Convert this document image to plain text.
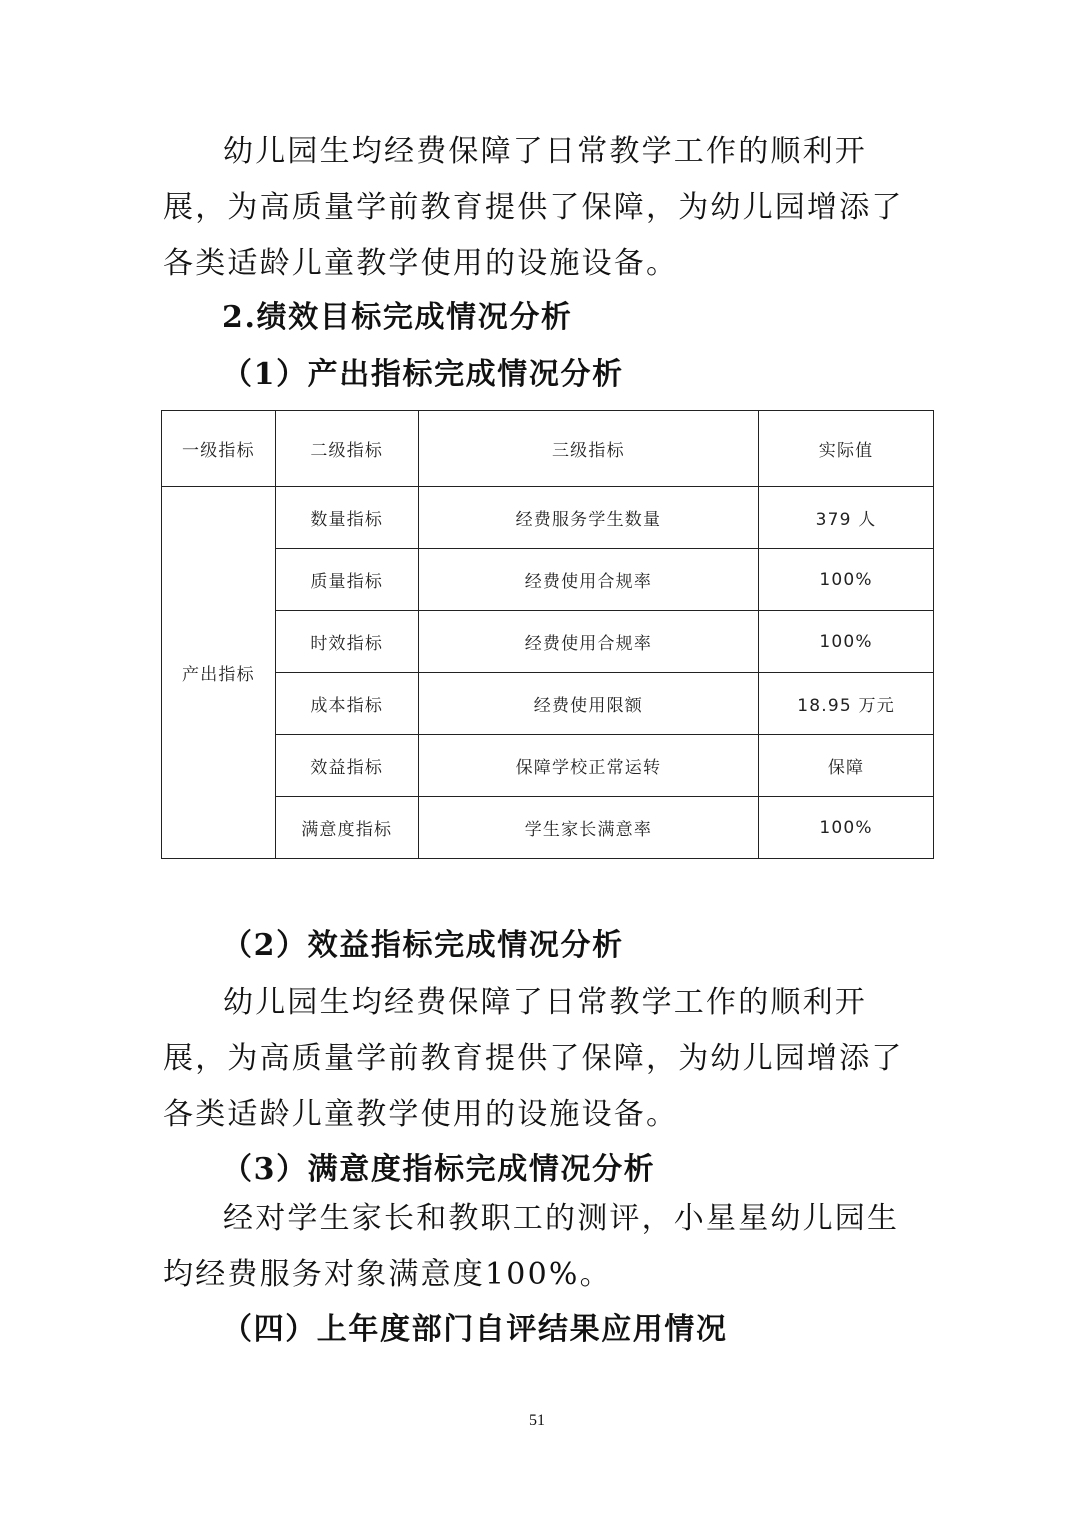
幼儿园生均经费保障了日常教学工作的顺利开展，为高质量学前教育提供了保障，为幼儿园增添了各类适龄儿童教学使用的设施设备。

2.绩效目标完成情况分析
（1）产出指标完成情况分析
一级指标	二级指标	三级指标	实际值
产出指标	数量指标	经费服务学生数量	379 人
	质量指标	经费使用合规率	100%
	时效指标	经费使用合规率	100%
	成本指标	经费使用限额	18.95 万元
	效益指标	保障学校正常运转	保障
	满意度指标	学生家长满意率	100%
（2）效益指标完成情况分析

幼儿园生均经费保障了日常教学工作的顺利开展，为高质量学前教育提供了保障，为幼儿园增添了各类适龄儿童教学使用的设施设备。

（3）满意度指标完成情况分析

经对学生家长和教职工的测评，小星星幼儿园生均经费服务对象满意度100%。

（四）上年度部门自评结果应用情况
51
